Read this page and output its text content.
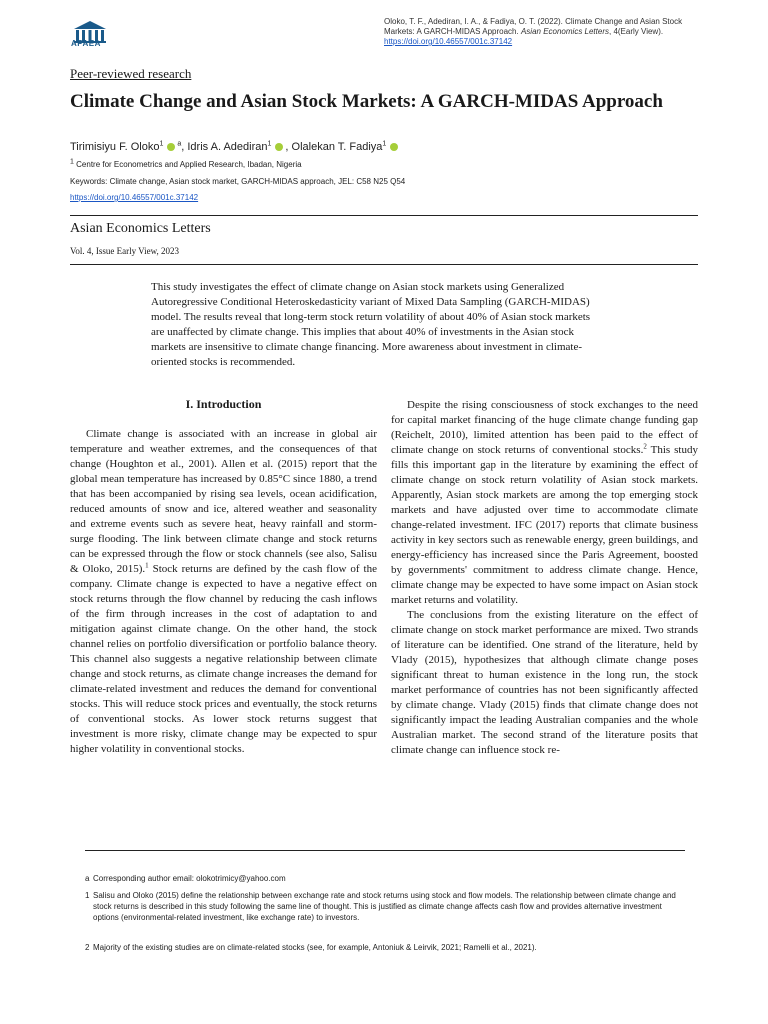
APAEA
Oloko, T. F., Adediran, I. A., & Fadiya, O. T. (2022). Climate Change and Asian Stock
Markets: A GARCH-MIDAS Approach. Asian Economics Letters, 4(Early View).
https://doi.org/10.46557/001c.37142
Peer-reviewed research
Climate Change and Asian Stock Markets: A GARCH-MIDAS Approach
Tirimisiyu F. Oloko$^1$ $^a$, Idris A. Adediran$^1$ , Olalekan T. Fadiya$^1$
$^1$ Centre for Econometrics and Applied Research, Ibadan, Nigeria
Keywords: Climate change, Asian stock market, GARCH-MIDAS approach, JEL: C58 N25 Q54
https://doi.org/10.46557/001c.37142
Asian Economics Letters
Vol. 4, Issue Early View, 2023

This study investigates the effect of climate change on Asian stock markets using Generalized Autoregressive Conditional Heteroskedasticity variant of Mixed Data Sampling (GARCH-MIDAS) model. The results reveal that long-term stock return volatility of about 40% of Asian stock markets are unaffected by climate change. This implies that about 40% of investments in the Asian stock markets are insensitive to climate change financing. More awareness about investment in climate-oriented stocks is recommended.

I. Introduction

Climate change is associated with an increase in global air temperature and weather extremes, and the consequences of that change (Houghton et al., 2001). Allen et al. (2015) report that the global mean temperature has increased by 0.85°C since 1880, a trend that has been accompanied by rising sea levels, ocean acidification, reduced amounts of snow and ice, altered weather and seasonality and extreme events such as severe heat, heavy rainfall and storm-surge flooding. The link between climate change and stock returns can be expressed through the flow or stock channels (see also, Salisu & Oloko, 2015).$^1$ Stock returns are defined by the cash flow of the company. Climate change is expected to have a negative effect on stock returns through the flow channel by reducing the cash inflows of the firm through increases in the cost of adaptation to and mitigation against climate change. On the other hand, the stock channel relies on portfolio diversification or portfolio balance theory. This channel also suggests a negative relationship between climate change and stock returns, as climate change increases the demand for climate-related investment and reduces the demand for conventional stocks. This will reduce stock prices and eventually, the stock returns of conventional stocks. As lower stock returns suggest that investment is more risky, climate change may be expected to spur higher volatility in conventional stocks.

Despite the rising consciousness of stock exchanges to the need for capital market financing of the huge climate change funding gap (Reichelt, 2010), limited attention has been paid to the effect of climate change on stock returns of conventional stocks.$^2$ This study fills this important gap in the literature by examining the effect of climate change on stock return volatility of Asian stock markets. Apparently, Asian stock markets are among the top emerging stock markets and have adjusted over time to accommodate climate change-related investment. IFC (2017) reports that climate business activity in key sectors such as renewable energy, green buildings, and energy-efficiency has increased since the Paris Agreement, boosted by governments' commitment to address climate change. Hence, climate change may be expected to have some impact on Asian stock market returns and volatility.

The conclusions from the existing literature on the effect of climate change on stock market performance are mixed. Two strands of literature can be identified. One strand of the literature, held by Vlady (2015), hypothesizes that although climate change poses significant threat to human existence in the long run, the stock market performance of countries has not been significantly affected by climate change. Vlady (2015) finds that climate change does not significantly impact the leading Australian companies and the whole Australian market. The second strand of the literature posits that climate change can influence stock re-

a Corresponding author email: olokotrimicy@yahoo.com
1 Salisu and Oloko (2015) define the relationship between exchange rate and stock returns using stock and flow models. The relationship between climate change and stock returns is described in this study following the same line of thought. This is justified as climate change affects cash flow and provides alternative investment options (environmental-related investment, like exchange rate) to investors.
2 Majority of the existing studies are on climate-related stocks (see, for example, Antoniuk & Leirvik, 2021; Ramelli et al., 2021).
